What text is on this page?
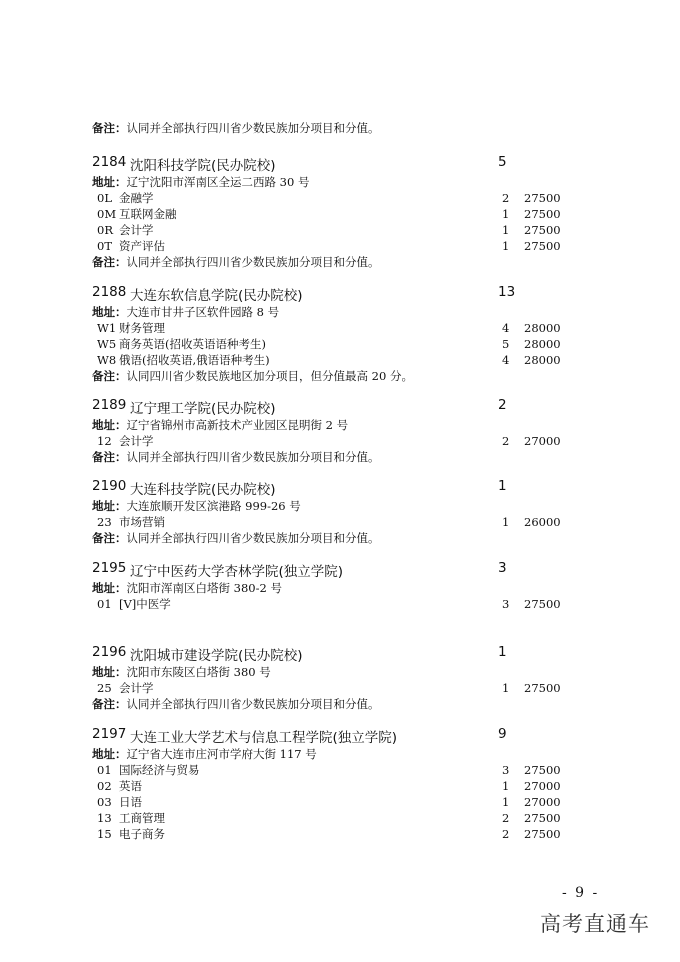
备注：认同并全部执行四川省少数民族加分项目和分值。
2184 沈阳科技学院(民办院校)	5
地址：辽宁沈阳市浑南区全运二西路 30 号
0L 金融学	2 27500
0M 互联网金融	1 27500
0R 会计学	1 27500
0T 资产评估	1 27500
备注：认同并全部执行四川省少数民族加分项目和分值。
2188 大连东软信息学院(民办院校)	13
地址：大连市甘井子区软件园路 8 号
W1 财务管理	4 28000
W5 商务英语(招收英语语种考生)	5 28000
W8 俄语(招收英语,俄语语种考生)	4 28000
备注：认同四川省少数民族地区加分项目，但分值最高 20 分。
2189 辽宁理工学院(民办院校)	2
地址：辽宁省锦州市高新技术产业园区昆明街 2 号
12 会计学	2 27000
备注：认同并全部执行四川省少数民族加分项目和分值。
2190 大连科技学院(民办院校)	1
地址：大连旅顺开发区滨港路 999-26 号
23 市场营销	1 26000
备注：认同并全部执行四川省少数民族加分项目和分值。
2195 辽宁中医药大学杏林学院(独立学院)	3
地址：沈阳市浑南区白塔街 380-2 号
01 [Ⅴ]中医学	3 27500
2196 沈阳城市建设学院(民办院校)	1
地址：沈阳市东陵区白塔街 380 号
25 会计学	1 27500
备注：认同并全部执行四川省少数民族加分项目和分值。
2197 大连工业大学艺术与信息工程学院(独立学院)	9
地址：辽宁省大连市庄河市学府大街 117 号
01 国际经济与贸易	3 27500
02 英语	1 27000
03 日语	1 27000
13 工商管理	2 27500
15 电子商务	2 27500
- 9 -
高考直通车
